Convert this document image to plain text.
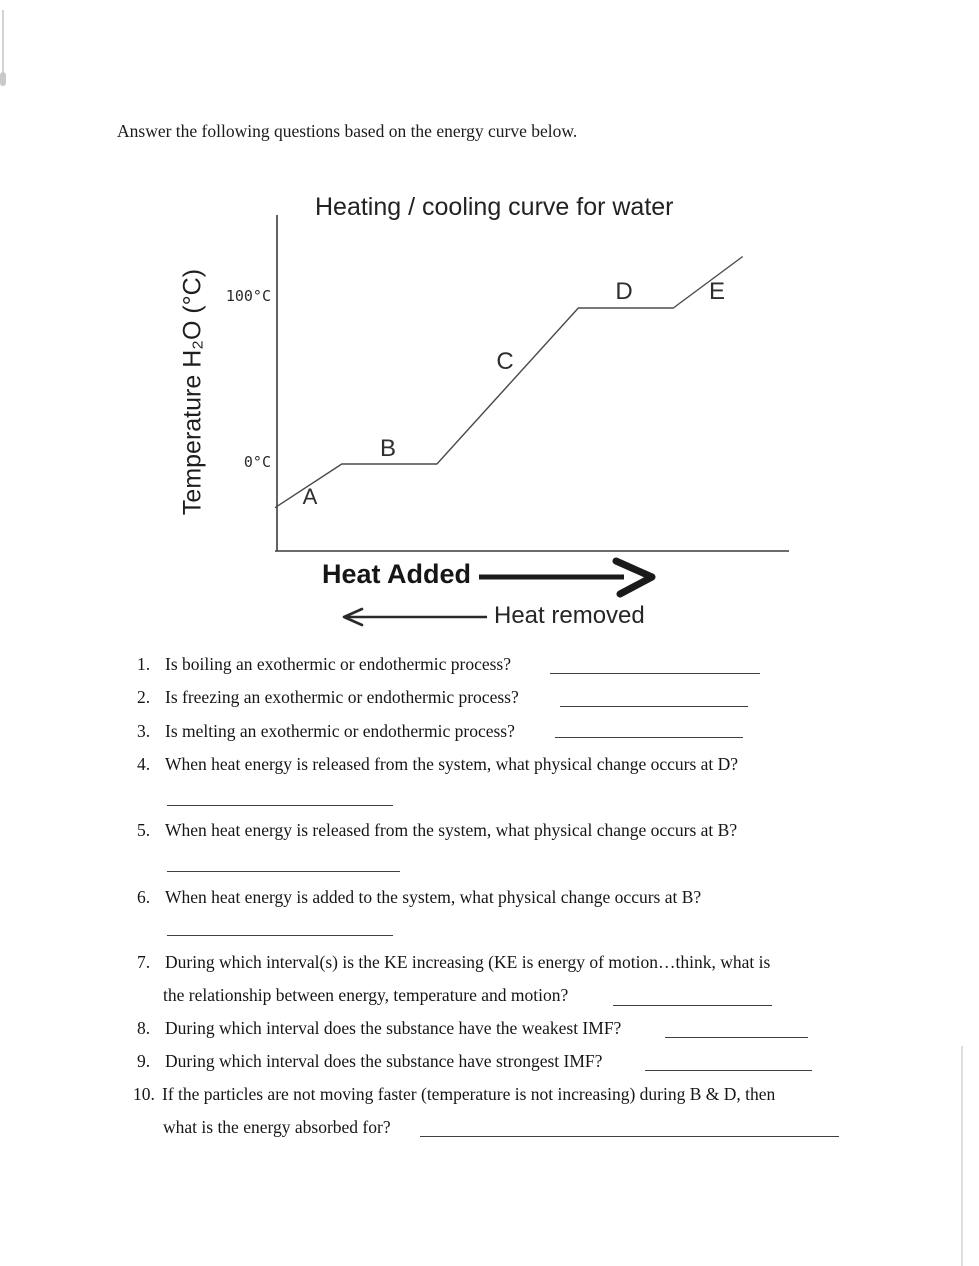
Answer the following questions based on the energy curve below.
Heating / cooling curve for water
Temperature H₂O (°C) 100°C
0°C
A
B
C
D	E
Heat Added
Heat removed
1. Is boiling an exothermic or endothermic process?
2. Is freezing an exothermic or endothermic process?
3. Is melting an exothermic or endothermic process?
4. When heat energy is released from the system, what physical change occurs at D?
5. When heat energy is released from the system, what physical change occurs at B?
6. When heat energy is added to the system, what physical change occurs at B?
7. During which interval(s) is the KE increasing (KE is energy of motion…think, what is
the relationship between energy, temperature and motion?
8. During which interval does the substance have the weakest IMF?
9. During which interval does the substance have strongest IMF?
10. If the particles are not moving faster (temperature is not increasing) during B & D, then
what is the energy absorbed for?
